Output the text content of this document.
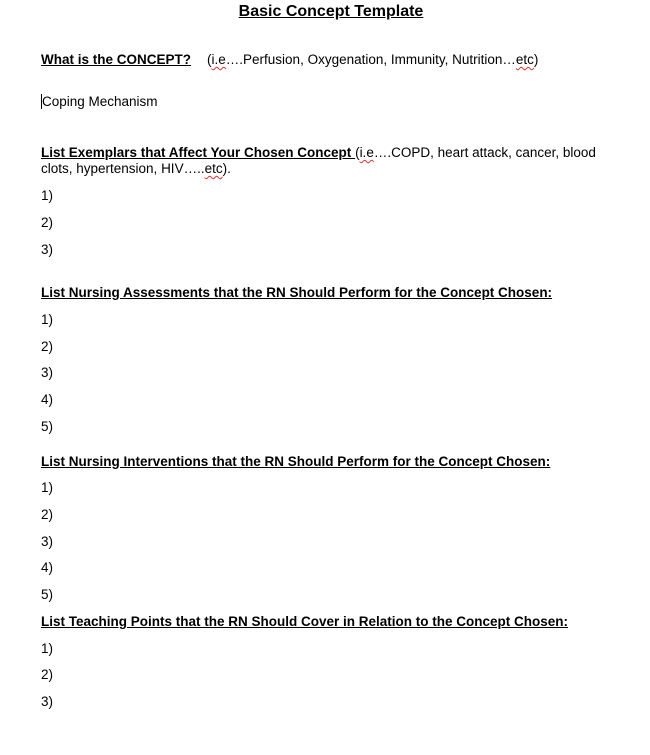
Basic Concept Template
What is the CONCEPT? (i.e….Perfusion, Oxygenation, Immunity, Nutrition…etc)
Coping Mechanism
List Exemplars that Affect Your Chosen Concept (i.e….COPD, heart attack, cancer, blood
clots, hypertension, HIV…..etc).
1)
2)
3)
List Nursing Assessments that the RN Should Perform for the Concept Chosen:
1)
2)
3)
4)
5)
List Nursing Interventions that the RN Should Perform for the Concept Chosen:
1)
2)
3)
4)
5)
List Teaching Points that the RN Should Cover in Relation to the Concept Chosen:
1)
2)
3)
